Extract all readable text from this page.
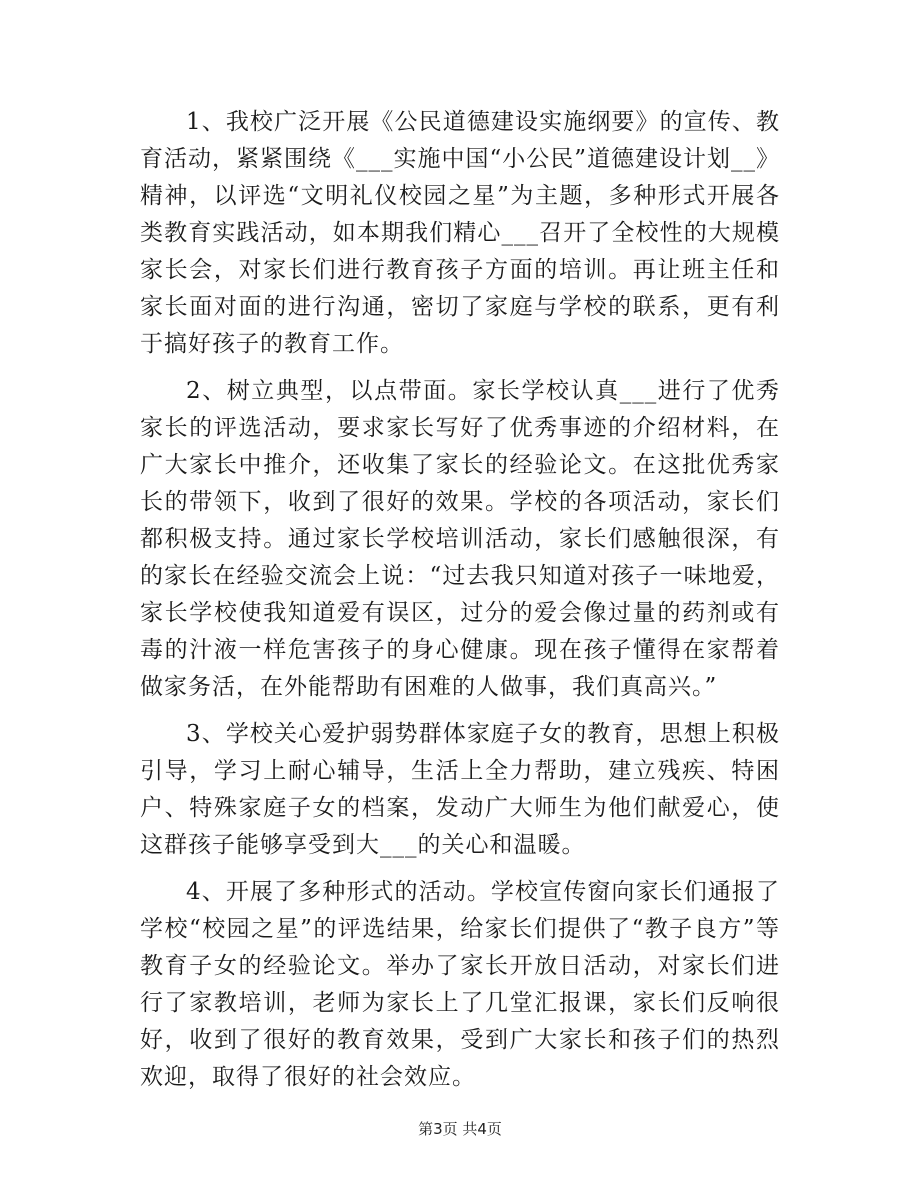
1、我校广泛开展《公民道德建设实施纲要》的宣传、教育活动，紧紧围绕《___实施中国“小公民”道德建设计划__》精神，以评选“文明礼仪校园之星”为主题，多种形式开展各类教育实践活动，如本期我们精心___召开了全校性的大规模家长会，对家长们进行教育孩子方面的培训。再让班主任和家长面对面的进行沟通，密切了家庭与学校的联系，更有利于搞好孩子的教育工作。

2、树立典型，以点带面。家长学校认真___进行了优秀家长的评选活动，要求家长写好了优秀事迹的介绍材料，在广大家长中推介，还收集了家长的经验论文。在这批优秀家长的带领下，收到了很好的效果。学校的各项活动，家长们都积极支持。通过家长学校培训活动，家长们感触很深，有的家长在经验交流会上说：“过去我只知道对孩子一味地爱，家长学校使我知道爱有误区，过分的爱会像过量的药剂或有毒的汁液一样危害孩子的身心健康。现在孩子懂得在家帮着做家务活，在外能帮助有困难的人做事，我们真高兴。”

3、学校关心爱护弱势群体家庭子女的教育，思想上积极引导，学习上耐心辅导，生活上全力帮助，建立残疾、特困户、特殊家庭子女的档案，发动广大师生为他们献爱心，使这群孩子能够享受到大___的关心和温暖。

4、开展了多种形式的活动。学校宣传窗向家长们通报了学校“校园之星”的评选结果，给家长们提供了“教子良方”等教育子女的经验论文。举办了家长开放日活动，对家长们进行了家教培训，老师为家长上了几堂汇报课，家长们反响很好，收到了很好的教育效果，受到广大家长和孩子们的热烈欢迎，取得了很好的社会效应。

第3页 共4页
